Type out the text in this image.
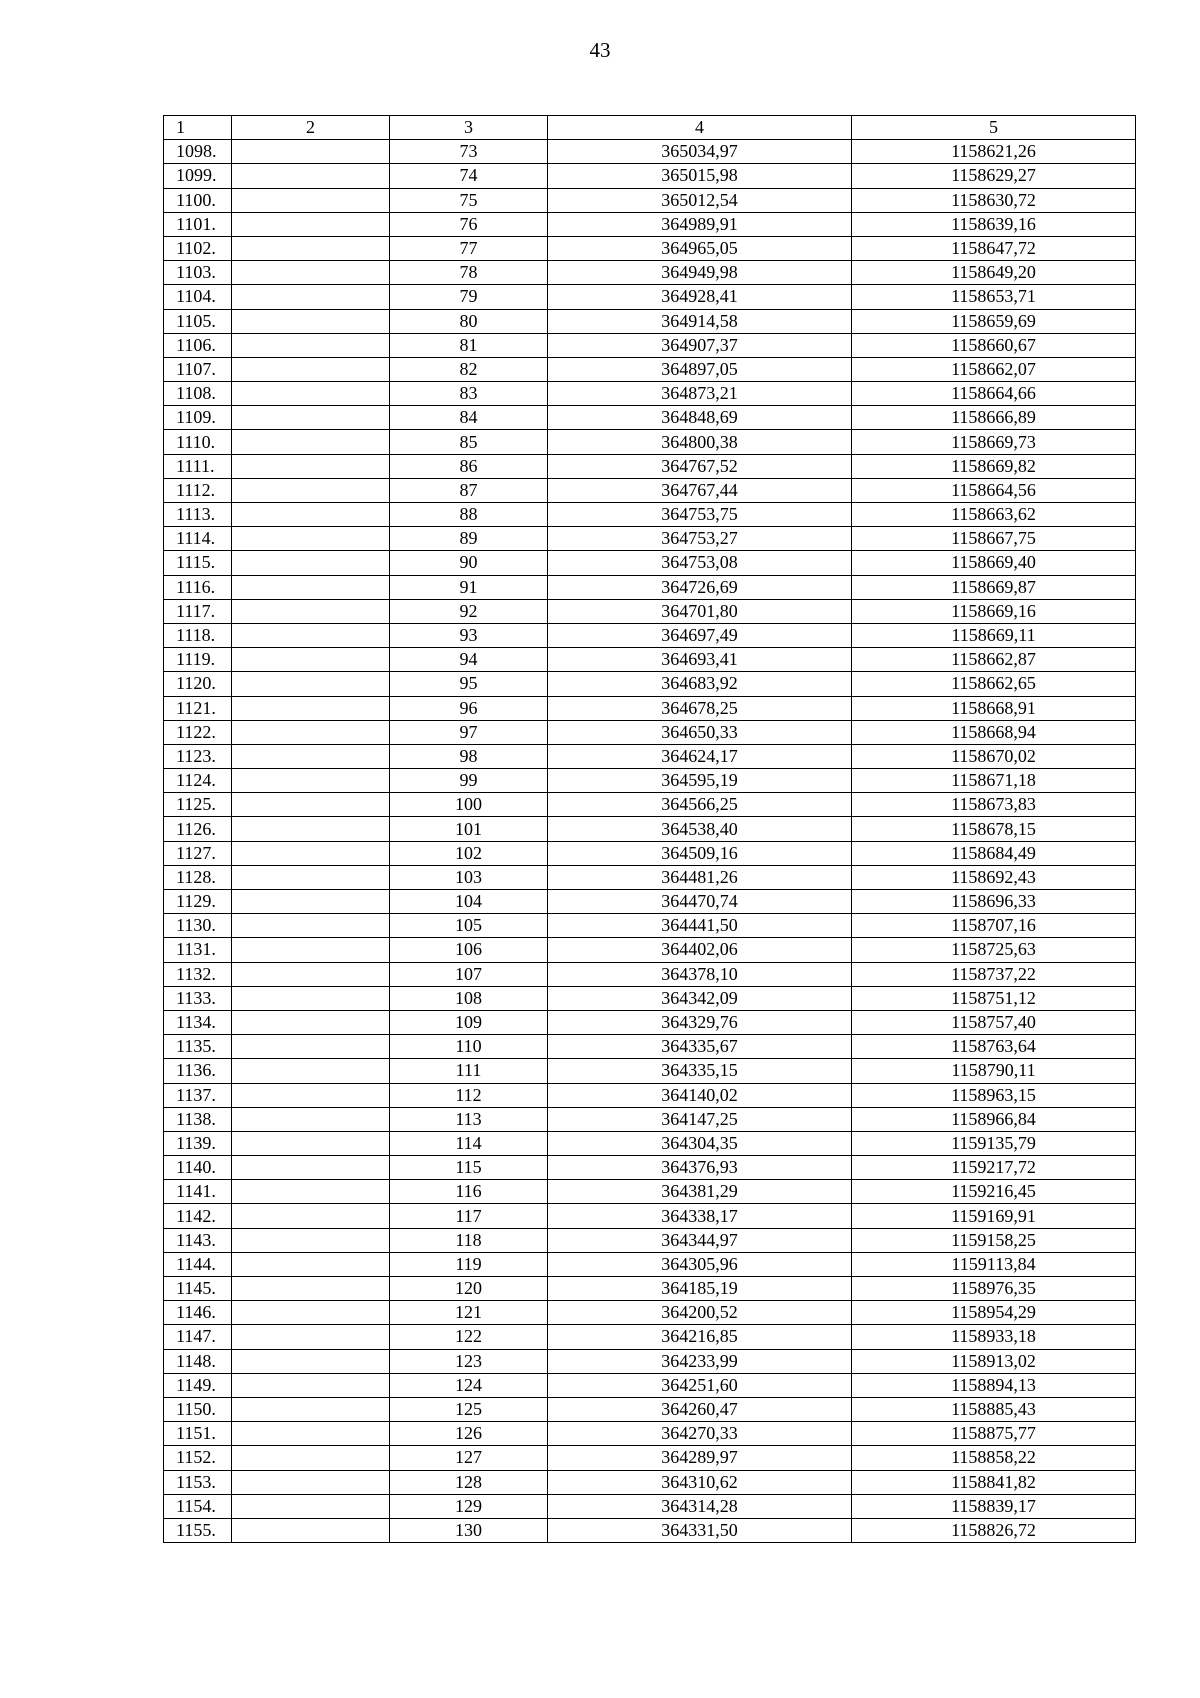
43
1	2	3	4	5
1098.		73	365034,97	1158621,26
1099.		74	365015,98	1158629,27
1100.		75	365012,54	1158630,72
1101.		76	364989,91	1158639,16
1102.		77	364965,05	1158647,72
1103.		78	364949,98	1158649,20
1104.		79	364928,41	1158653,71
1105.		80	364914,58	1158659,69
1106.		81	364907,37	1158660,67
1107.		82	364897,05	1158662,07
1108.		83	364873,21	1158664,66
1109.		84	364848,69	1158666,89
1110.		85	364800,38	1158669,73
1111.		86	364767,52	1158669,82
1112.		87	364767,44	1158664,56
1113.		88	364753,75	1158663,62
1114.		89	364753,27	1158667,75
1115.		90	364753,08	1158669,40
1116.		91	364726,69	1158669,87
1117.		92	364701,80	1158669,16
1118.		93	364697,49	1158669,11
1119.		94	364693,41	1158662,87
1120.		95	364683,92	1158662,65
1121.		96	364678,25	1158668,91
1122.		97	364650,33	1158668,94
1123.		98	364624,17	1158670,02
1124.		99	364595,19	1158671,18
1125.		100	364566,25	1158673,83
1126.		101	364538,40	1158678,15
1127.		102	364509,16	1158684,49
1128.		103	364481,26	1158692,43
1129.		104	364470,74	1158696,33
1130.		105	364441,50	1158707,16
1131.		106	364402,06	1158725,63
1132.		107	364378,10	1158737,22
1133.		108	364342,09	1158751,12
1134.		109	364329,76	1158757,40
1135.		110	364335,67	1158763,64
1136.		111	364335,15	1158790,11
1137.		112	364140,02	1158963,15
1138.		113	364147,25	1158966,84
1139.		114	364304,35	1159135,79
1140.		115	364376,93	1159217,72
1141.		116	364381,29	1159216,45
1142.		117	364338,17	1159169,91
1143.		118	364344,97	1159158,25
1144.		119	364305,96	1159113,84
1145.		120	364185,19	1158976,35
1146.		121	364200,52	1158954,29
1147.		122	364216,85	1158933,18
1148.		123	364233,99	1158913,02
1149.		124	364251,60	1158894,13
1150.		125	364260,47	1158885,43
1151.		126	364270,33	1158875,77
1152.		127	364289,97	1158858,22
1153.		128	364310,62	1158841,82
1154.		129	364314,28	1158839,17
1155.		130	364331,50	1158826,72
